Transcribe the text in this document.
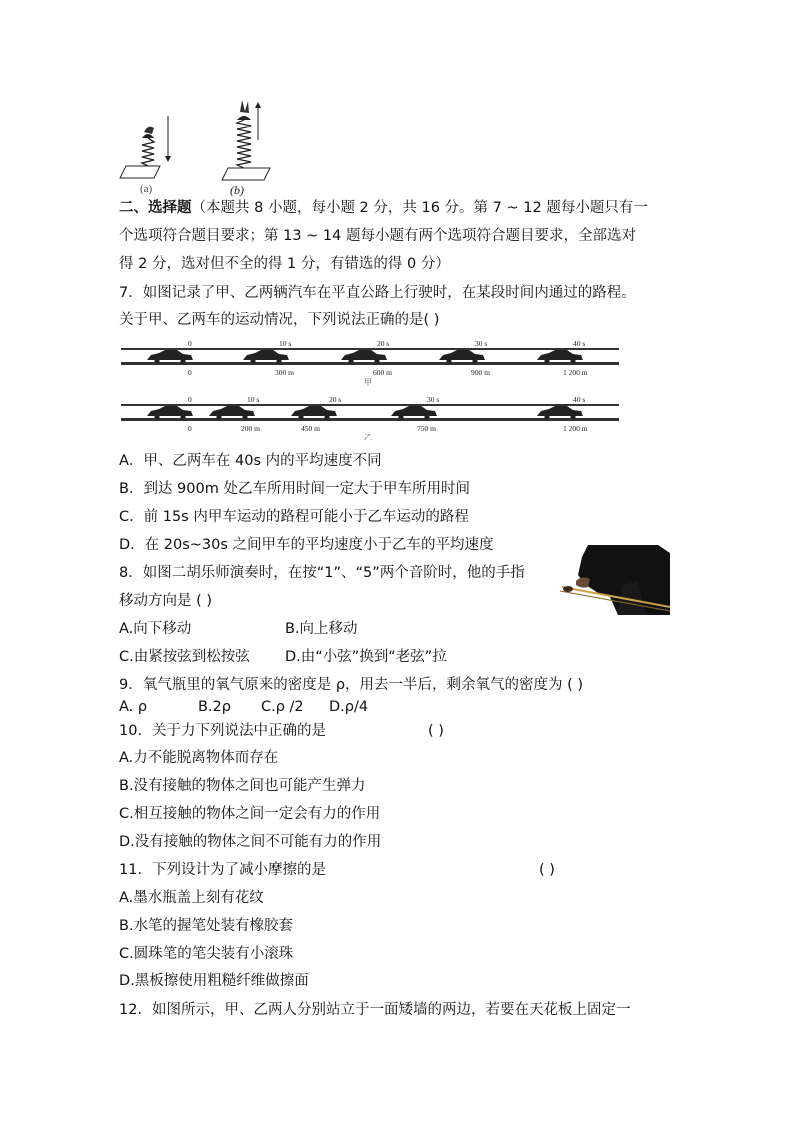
(a)	(b)
二、选择题（本题共 8 小题，每小题 2 分，共 16 分。第 7 ~ 12 题每小题只有一
个选项符合题目要求；第 13 ~ 14 题每小题有两个选项符合题目要求，全部选对
得 2 分，选对但不全的得 1 分，有错选的得 0 分）
7．如图记录了甲、乙两辆汽车在平直公路上行驶时，在某段时间内通过的路程。
关于甲、乙两车的运动情况，下列说法正确的是( )
0	10 s	20 s	30 s	40 s
0	300 m	600 m	900 m	1 200 m
甲
0	10 s	20 s	30 s	40 s
0	200 m	450 m	750 m	1 200 m
乙
A．甲、乙两车在 40s 内的平均速度不同
B．到达 900m 处乙车所用时间一定大于甲车所用时间
C．前 15s 内甲车运动的路程可能小于乙车运动的路程
D．在 20s~30s 之间甲车的平均速度小于乙车的平均速度
8．如图二胡乐师演奏时，在按“1”、“5”两个音阶时，他的手指
移动方向是 ( )
A.向下移动	B.向上移动
C.由紧按弦到松按弦 D.由“小弦”换到“老弦”拉
9．氧气瓶里的氧气原来的密度是 ρ，用去一半后，剩余氧气的密度为 ( )
A. ρ	B.2ρ C.ρ /2 D.ρ/4
10．关于力下列说法中正确的是	( )
A.力不能脱离物体而存在
B.没有接触的物体之间也可能产生弹力
C.相互接触的物体之间一定会有力的作用
D.没有接触的物体之间不可能有力的作用
11．下列设计为了减小摩擦的是	( )
A.墨水瓶盖上刻有花纹
B.水笔的握笔处装有橡胶套
C.圆珠笔的笔尖装有小滚珠
D.黑板擦使用粗糙纤维做擦面
12．如图所示，甲、乙两人分别站立于一面矮墙的两边，若要在天花板上固定一
